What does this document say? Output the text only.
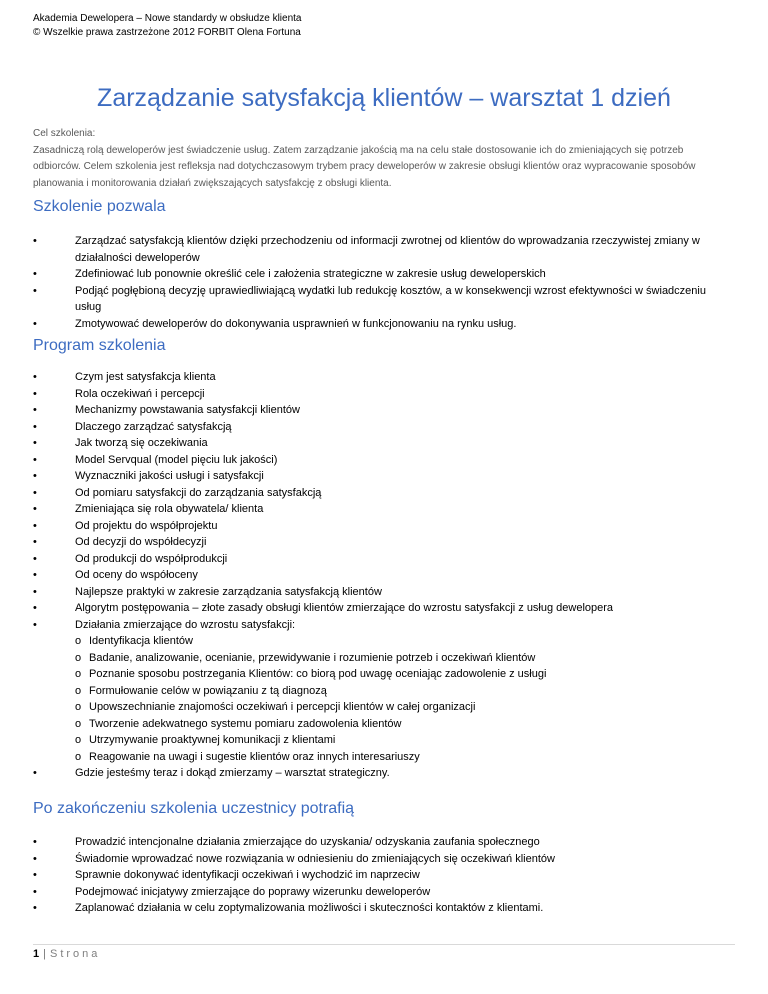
Akademia Dewelopera – Nowe standardy w obsłudze klienta
© Wszelkie prawa zastrzeżone 2012 FORBIT Olena Fortuna
Zarządzanie satysfakcją klientów – warsztat 1 dzień
Cel szkolenia:
Zasadniczą rolą deweloperów jest świadczenie usług. Zatem zarządzanie jakością ma na celu stałe dostosowanie ich do zmieniających się potrzeb odbiorców. Celem szkolenia jest refleksja nad dotychczasowym trybem pracy deweloperów w zakresie obsługi klientów oraz wypracowanie sposobów planowania i monitorowania działań zwiększających satysfakcję z obsługi klienta.
Szkolenie pozwala
•	Zarządzać satysfakcją klientów dzięki przechodzeniu od informacji zwrotnej od klientów do wprowadzania rzeczywistej zmiany w działalności deweloperów
•	Zdefiniować lub ponownie określić cele i założenia strategiczne w zakresie usług deweloperskich
•	Podjąć pogłębioną decyzję uprawiedliwiającą wydatki lub redukcję kosztów, a w konsekwencji wzrost efektywności w świadczeniu usług
•	Zmotywować deweloperów do dokonywania usprawnień w funkcjonowaniu na rynku usług.
Program szkolenia
•	Czym jest satysfakcja klienta
•	Rola oczekiwań i percepcji
•	Mechanizmy powstawania satysfakcji klientów
•	Dlaczego zarządzać satysfakcją
•	Jak tworzą się oczekiwania
•	Model Servqual (model pięciu luk jakości)
•	Wyznaczniki jakości usługi i satysfakcji
•	Od pomiaru satysfakcji do zarządzania satysfakcją
•	Zmieniająca się rola obywatela/ klienta
•	Od projektu do współprojektu
•	Od decyzji do współdecyzji
•	Od produkcji do współprodukcji
•	Od oceny do współoceny
•	Najlepsze praktyki w zakresie zarządzania satysfakcją klientów
•	Algorytm postępowania – złote zasady obsługi klientów zmierzające do wzrostu satysfakcji z usług dewelopera
•	Działania zmierzające do wzrostu satysfakcji:
o Identyfikacja klientów
o Badanie, analizowanie, ocenianie, przewidywanie i rozumienie potrzeb i oczekiwań klientów
o Poznanie sposobu postrzegania Klientów: co biorą pod uwagę oceniając zadowolenie z usługi
o Formułowanie celów w powiązaniu z tą diagnozą
o Upowszechnianie znajomości oczekiwań i percepcji klientów w całej organizacji
o Tworzenie adekwatnego systemu pomiaru zadowolenia klientów
o Utrzymywanie proaktywnej komunikacji z klientami
o Reagowanie na uwagi i sugestie klientów oraz innych interesariuszy
•	Gdzie jesteśmy teraz i dokąd zmierzamy – warsztat strategiczny.
Po zakończeniu szkolenia uczestnicy potrafią
•	Prowadzić intencjonalne działania zmierzające do uzyskania/ odzyskania zaufania społecznego
•	Świadomie wprowadzać nowe rozwiązania w odniesieniu do zmieniających się oczekiwań klientów
•	Sprawnie dokonywać identyfikacji oczekiwań i wychodzić im naprzeciw
•	Podejmować inicjatywy zmierzające do poprawy wizerunku deweloperów
•	Zaplanować działania w celu zoptymalizowania możliwości i skuteczności kontaktów z klientami.
1 | Strona
